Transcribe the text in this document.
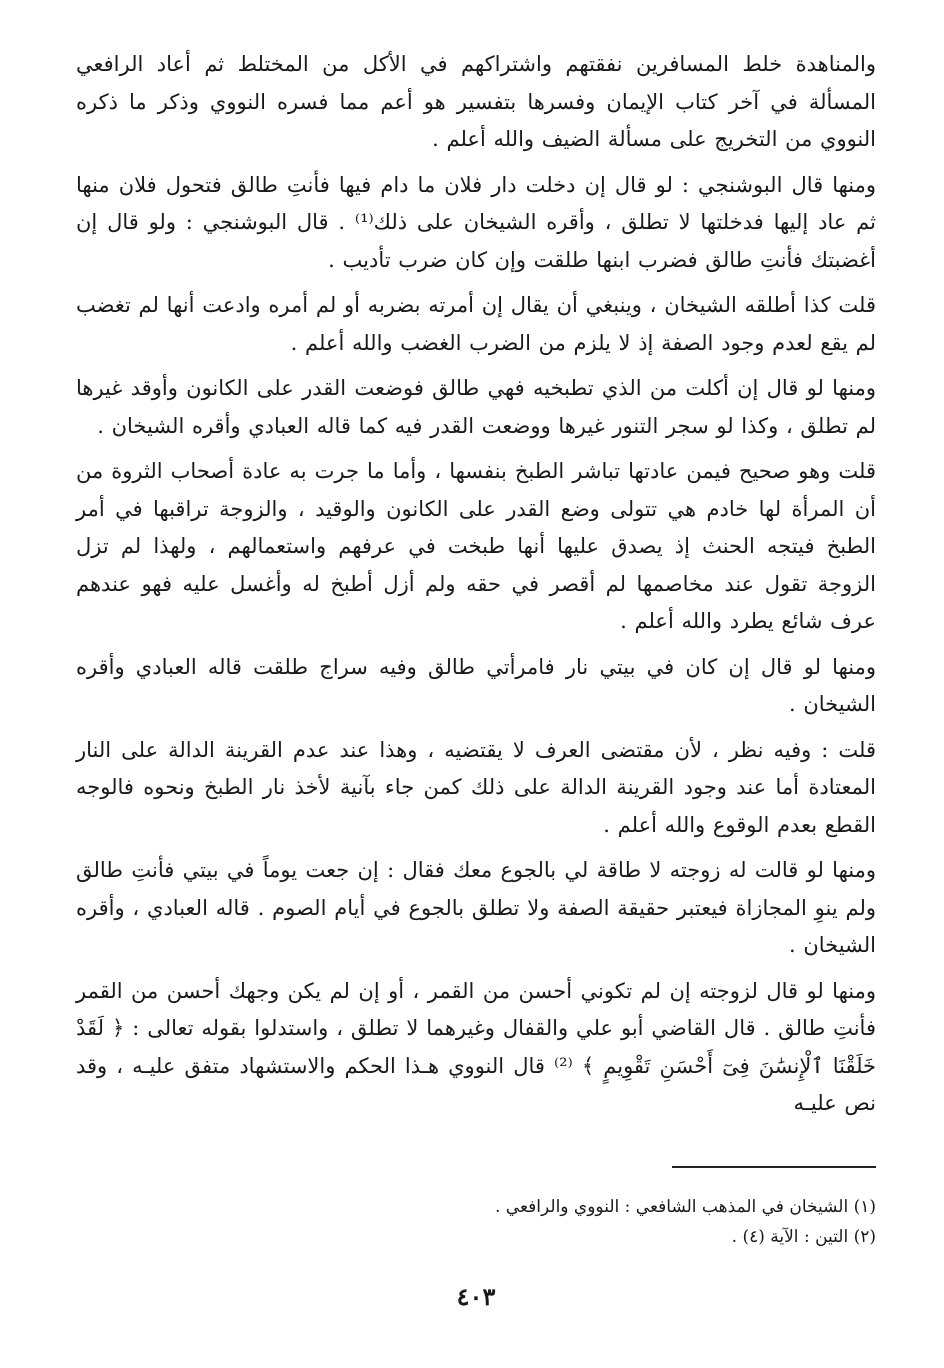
والمناهدة خلط المسافرين نفقتهم واشتراكهم في الأكل من المختلط ثم أعاد الرافعي المسألة في آخر كتاب الإيمان وفسرها بتفسير هو أعم مما فسره النووي وذكر ما ذكره النووي من التخريج على مسألة الضيف والله أعلم .

ومنها قال البوشنجي : لو قال إن دخلت دار فلان ما دام فيها فأنتِ طالق فتحول فلان منها ثم عاد إليها فدخلتها لا تطلق ، وأقره الشيخان على ذلك⁽¹⁾ . قال البوشنجي : ولو قال إن أغضبتك فأنتِ طالق فضرب ابنها طلقت وإن كان ضرب تأديب .

قلت كذا أطلقه الشيخان ، وينبغي أن يقال إن أمرته بضربه أو لم أمره وادعت أنها لم تغضب لم يقع لعدم وجود الصفة إذ لا يلزم من الضرب الغضب والله أعلم .

ومنها لو قال إن أكلت من الذي تطبخيه فهي طالق فوضعت القدر على الكانون وأوقد غيرها لم تطلق ، وكذا لو سجر التنور غيرها ووضعت القدر فيه كما قاله العبادي وأقره الشيخان .

قلت وهو صحيح فيمن عادتها تباشر الطبخ بنفسها ، وأما ما جرت به عادة أصحاب الثروة من أن المرأة لها خادم هي تتولى وضع القدر على الكانون والوقيد ، والزوجة تراقبها في أمر الطبخ فيتجه الحنث إذ يصدق عليها أنها طبخت في عرفهم واستعمالهم ، ولهذا لم تزل الزوجة تقول عند مخاصمها لم أقصر في حقه ولم أزل أطبخ له وأغسل عليه فهو عندهم عرف شائع يطرد والله أعلم .

ومنها لو قال إن كان في بيتي نار فامرأتي طالق وفيه سراج طلقت قاله العبادي وأقره الشيخان .

قلت : وفيه نظر ، لأن مقتضى العرف لا يقتضيه ، وهذا عند عدم القرينة الدالة على النار المعتادة أما عند وجود القرينة الدالة على ذلك كمن جاء بآنية لأخذ نار الطبخ ونحوه فالوجه القطع بعدم الوقوع والله أعلم .

ومنها لو قالت له زوجته لا طاقة لي بالجوع معك فقال : إن جعت يوماً في بيتي فأنتِ طالق ولم ينوِ المجازاة فيعتبر حقيقة الصفة ولا تطلق بالجوع في أيام الصوم . قاله العبادي ، وأقره الشيخان .

ومنها لو قال لزوجته إن لم تكوني أحسن من القمر ، أو إن لم يكن وجهك أحسن من القمر فأنتِ طالق . قال القاضي أبو علي والقفال وغيرهما لا تطلق ، واستدلوا بقوله تعالى : ﴿ لَقَدْ خَلَقْنَا ٱلْإِنسَٰنَ فِىٓ أَحْسَنِ تَقْوِيمٍ ﴾ ⁽²⁾ قال النووي هـذا الحكم والاستشهاد متفق عليـه ، وقد نص عليـه

(١) الشيخان في المذهب الشافعي : النووي والرافعي .

(٢) التين : الآية (٤) .

٤٠٣
